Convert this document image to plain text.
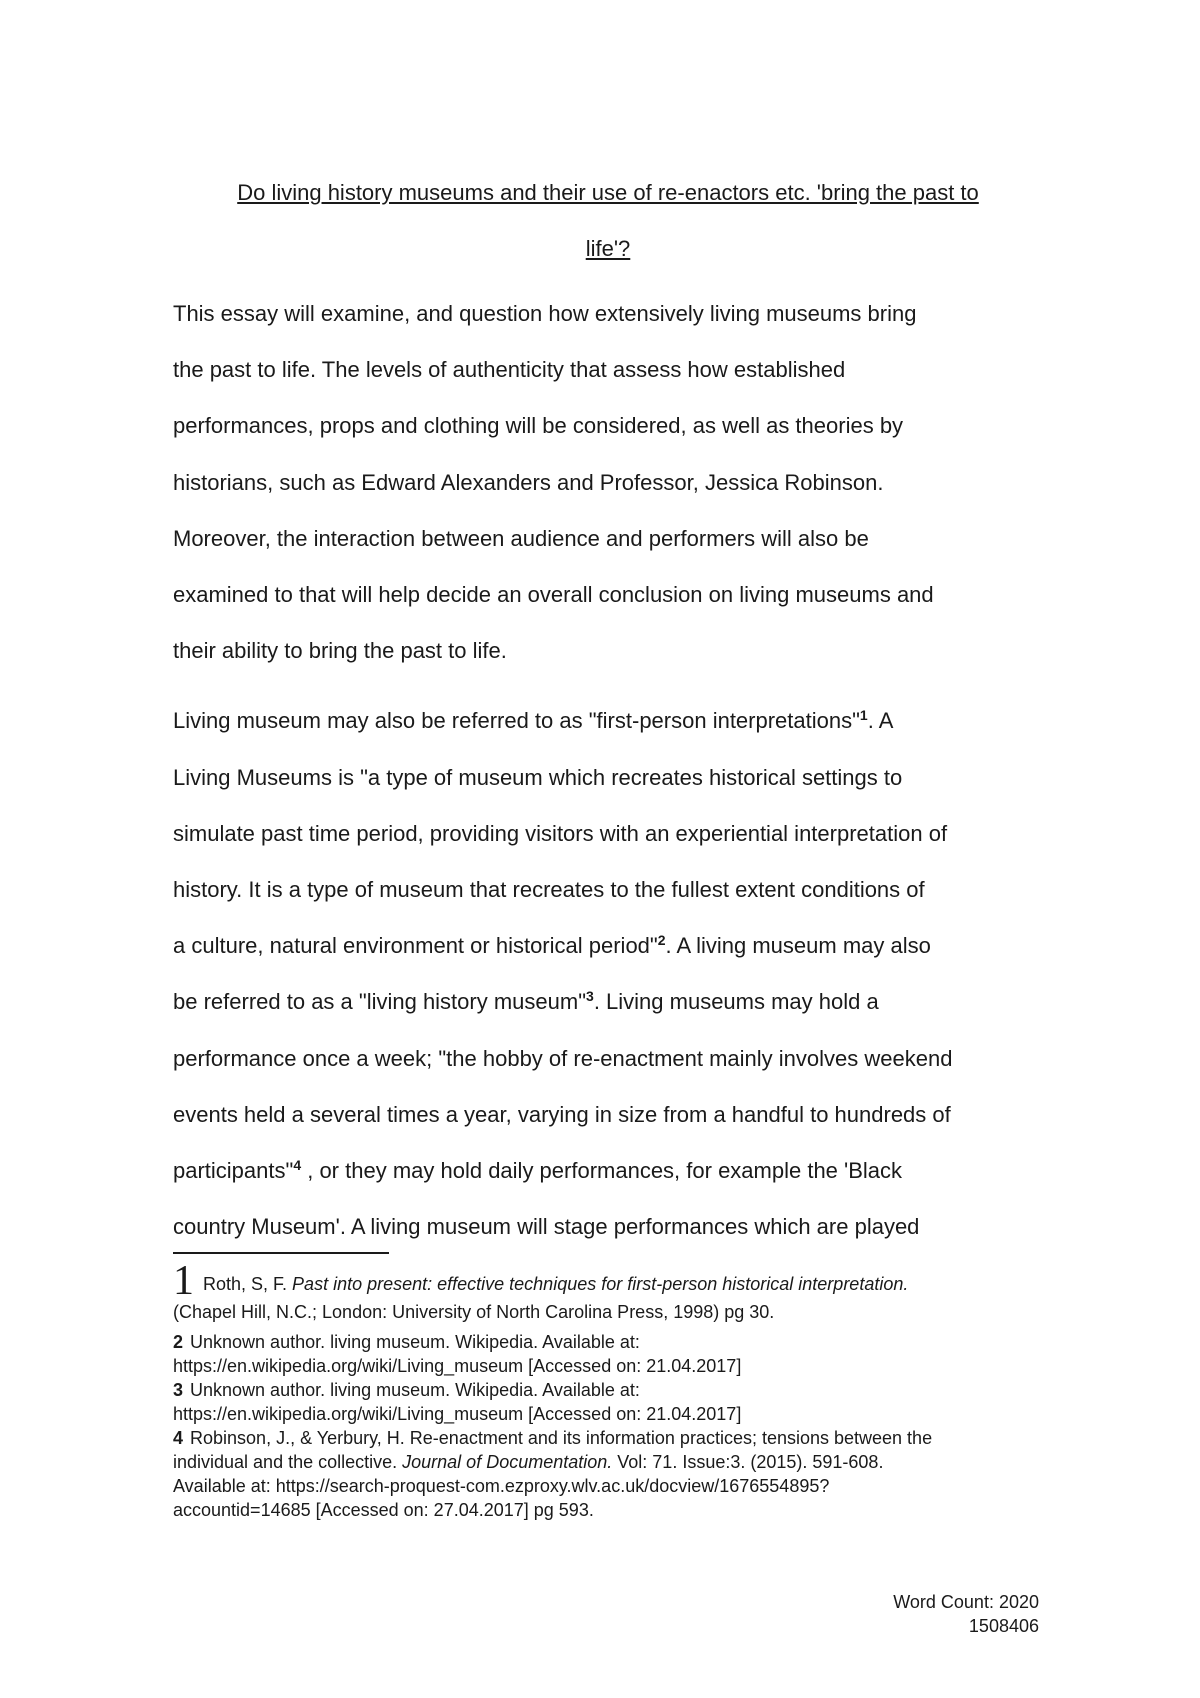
Do living history museums and their use of re-enactors etc. 'bring the past to
life'?

This essay will examine, and question how extensively living museums bring
the past to life. The levels of authenticity that assess how established
performances, props and clothing will be considered, as well as theories by
historians, such as Edward Alexanders and Professor, Jessica Robinson.
Moreover, the interaction between audience and performers will also be
examined to that will help decide an overall conclusion on living museums and
their ability to bring the past to life.

Living museum may also be referred to as "first-person interpretations"$^1$. A
Living Museums is "a type of museum which recreates historical settings to
simulate past time period, providing visitors with an experiential interpretation of
history. It is a type of museum that recreates to the fullest extent conditions of
a culture, natural environment or historical period"$^2$. A living museum may also
be referred to as a "living history museum"$^3$. Living museums may hold a
performance once a week; "the hobby of re-enactment mainly involves weekend
events held a several times a year, varying in size from a handful to hundreds of
participants"$^4$ , or they may hold daily performances, for example the 'Black
country Museum'. A living museum will stage performances which are played

1 Roth, S, F. Past into present: effective techniques for first-person historical interpretation.
(Chapel Hill, N.C.; London: University of North Carolina Press, 1998) pg 30.
2 Unknown author. living museum. Wikipedia. Available at:
https://en.wikipedia.org/wiki/Living_museum [Accessed on: 21.04.2017]
3 Unknown author. living museum. Wikipedia. Available at:
https://en.wikipedia.org/wiki/Living_museum [Accessed on: 21.04.2017]
4 Robinson, J., & Yerbury, H. Re-enactment and its information practices; tensions between the
individual and the collective. Journal of Documentation. Vol: 71. Issue:3. (2015). 591-608.
Available at: https://search-proquest-com.ezproxy.wlv.ac.uk/docview/1676554895?
accountid=14685 [Accessed on: 27.04.2017] pg 593.
Word Count: 2020
1508406
